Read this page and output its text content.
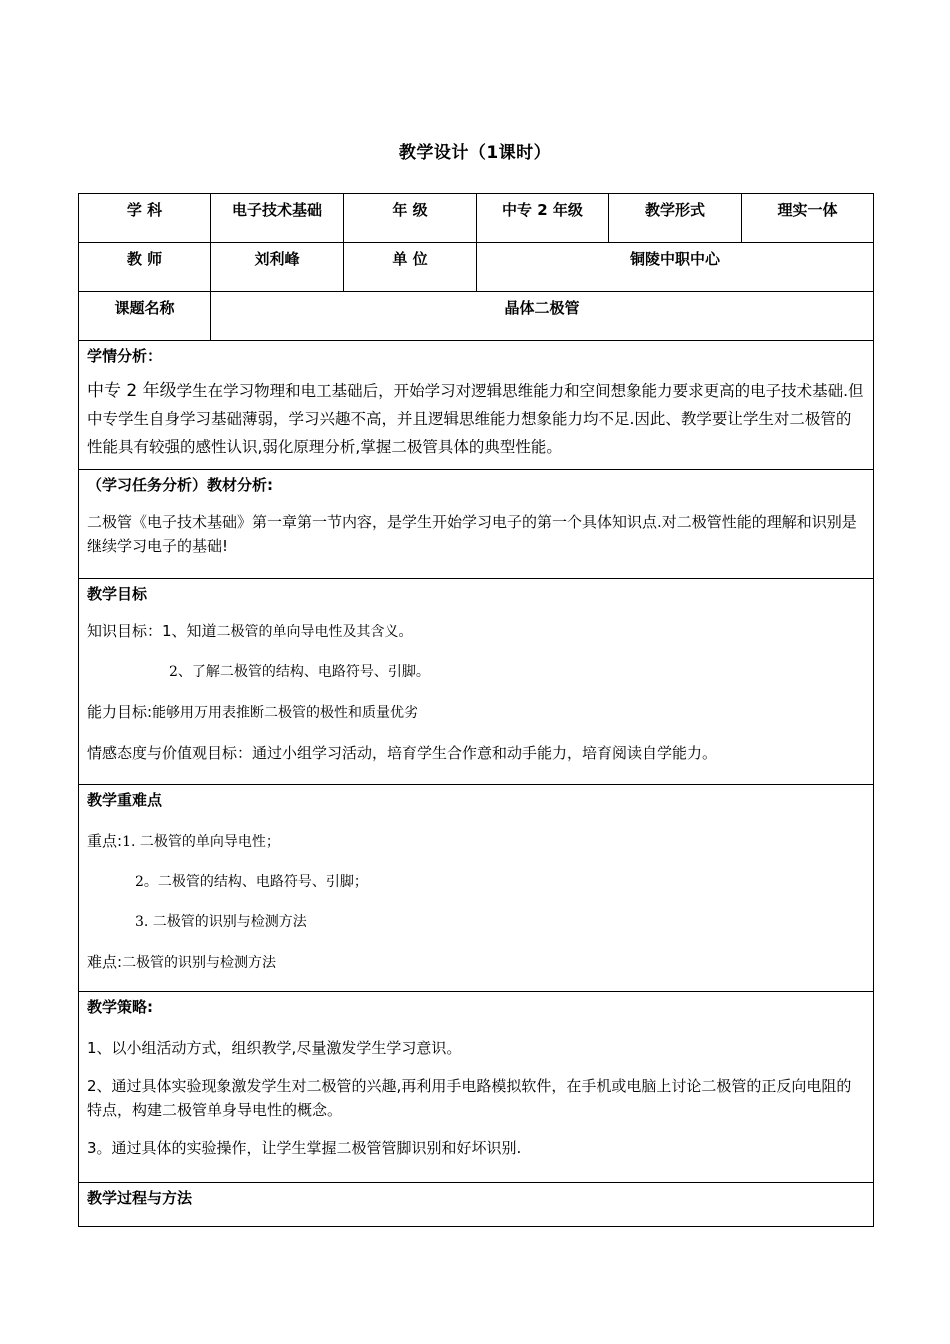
教学设计（1课时）
学 科	电子技术基础	年 级	中专 2 年级	教学形式	理实一体
教 师	刘利峰	单 位	铜陵中职中心		
课题名称	晶体二极管				

学情分析：
中专 2 年级学生在学习物理和电工基础后，开始学习对逻辑思维能力和空间想象能力要求更高的电子技术基础.但中专学生自身学习基础薄弱，学习兴趣不高，并且逻辑思维能力想象能力均不足.因此、教学要让学生对二极管的性能具有较强的感性认识,弱化原理分析,掌握二极管具体的典型性能。					

（学习任务分析）教材分析:
二极管《电子技术基础》第一章第一节内容，是学生开始学习电子的第一个具体知识点.对二极管性能的理解和识别是继续学习电子的基础!					

教学目标
知识目标：1、知道二极管的单向导电性及其含义。
2、了解二极管的结构、电路符号、引脚。
能力目标:能够用万用表推断二极管的极性和质量优劣
情感态度与价值观目标：通过小组学习活动，培育学生合作意和动手能力，培育阅读自学能力。					

教学重难点
重点:1. 二极管的单向导电性；
2。二极管的结构、电路符号、引脚；
3. 二极管的识别与检测方法
难点:二极管的识别与检测方法					

教学策略:
1、以小组活动方式，组织教学,尽量激发学生学习意识。
2、通过具体实验现象激发学生对二极管的兴趣,再利用手电路模拟软件，在手机或电脑上讨论二极管的正反向电阻的特点，构建二极管单身导电性的概念。
3。通过具体的实验操作，让学生掌握二极管管脚识别和好坏识别.					

教学过程与方法					
